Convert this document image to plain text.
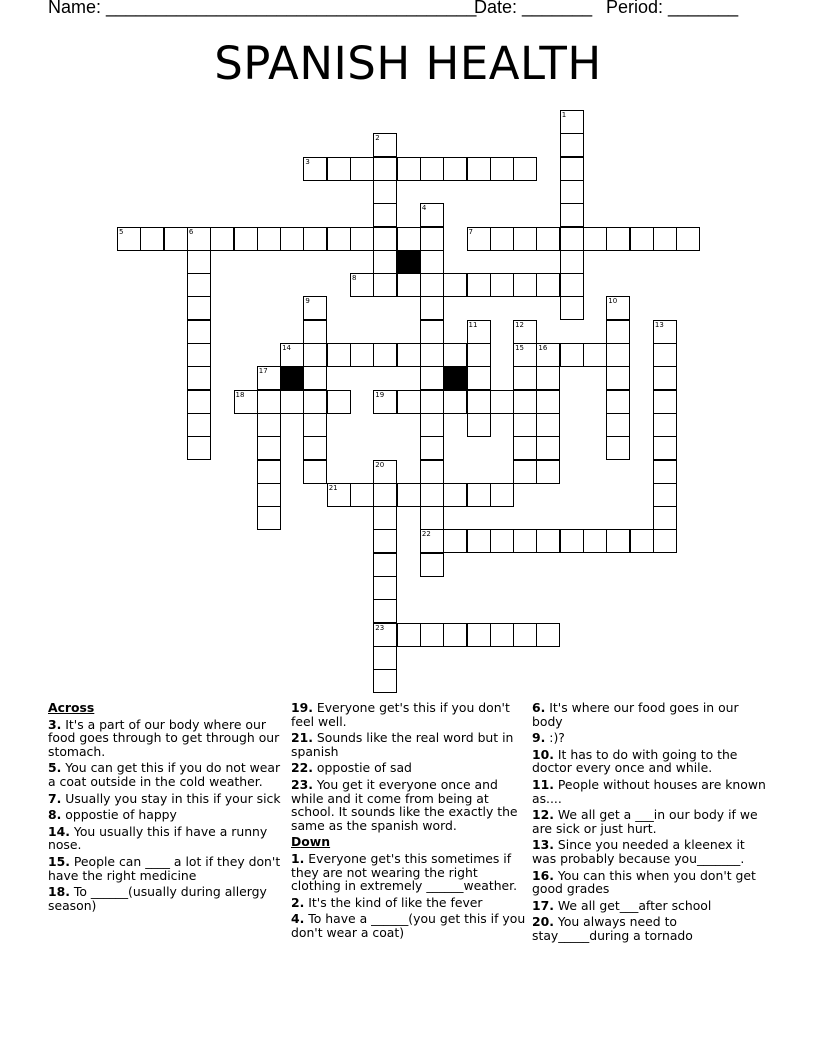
Name: _____________________________________
Date: _______ Period: _______
SPANISH HEALTH
1
2
3
4
5	6	7
8
9	10
11	12
15
13
14	16
17
18	19
20
21
22
23
Across
3. It's a part of our body where our food goes through to get through our stomach.
5. You can get this if you do not wear a coat outside in the cold weather.
7. Usually you stay in this if your sick
8. oppostie of happy
14. You usually this if have a runny nose.
15. People can ____ a lot if they don't have the right medicine
18. To ______(usually during allergy season)
19. Everyone get's this if you don't feel well.
21. Sounds like the real word but in spanish
22. oppostie of sad
23. You get it everyone once and while and it come from being at school. It sounds like the exactly the same as the spanish word.
Down
1. Everyone get's this sometimes if they are not wearing the right clothing in extremely ______weather.
2. It's the kind of like the fever
4. To have a ______(you get this if you don't wear a coat)
6. It's where our food goes in our body
9. :)?
10. It has to do with going to the doctor every once and while.
11. People without houses are known as....
12. We all get a ___in our body if we are sick or just hurt.
13. Since you needed a kleenex it was probably because you_______.
16. You can this when you don't get good grades
17. We all get___after school
20. You always need to stay_____during a tornado
